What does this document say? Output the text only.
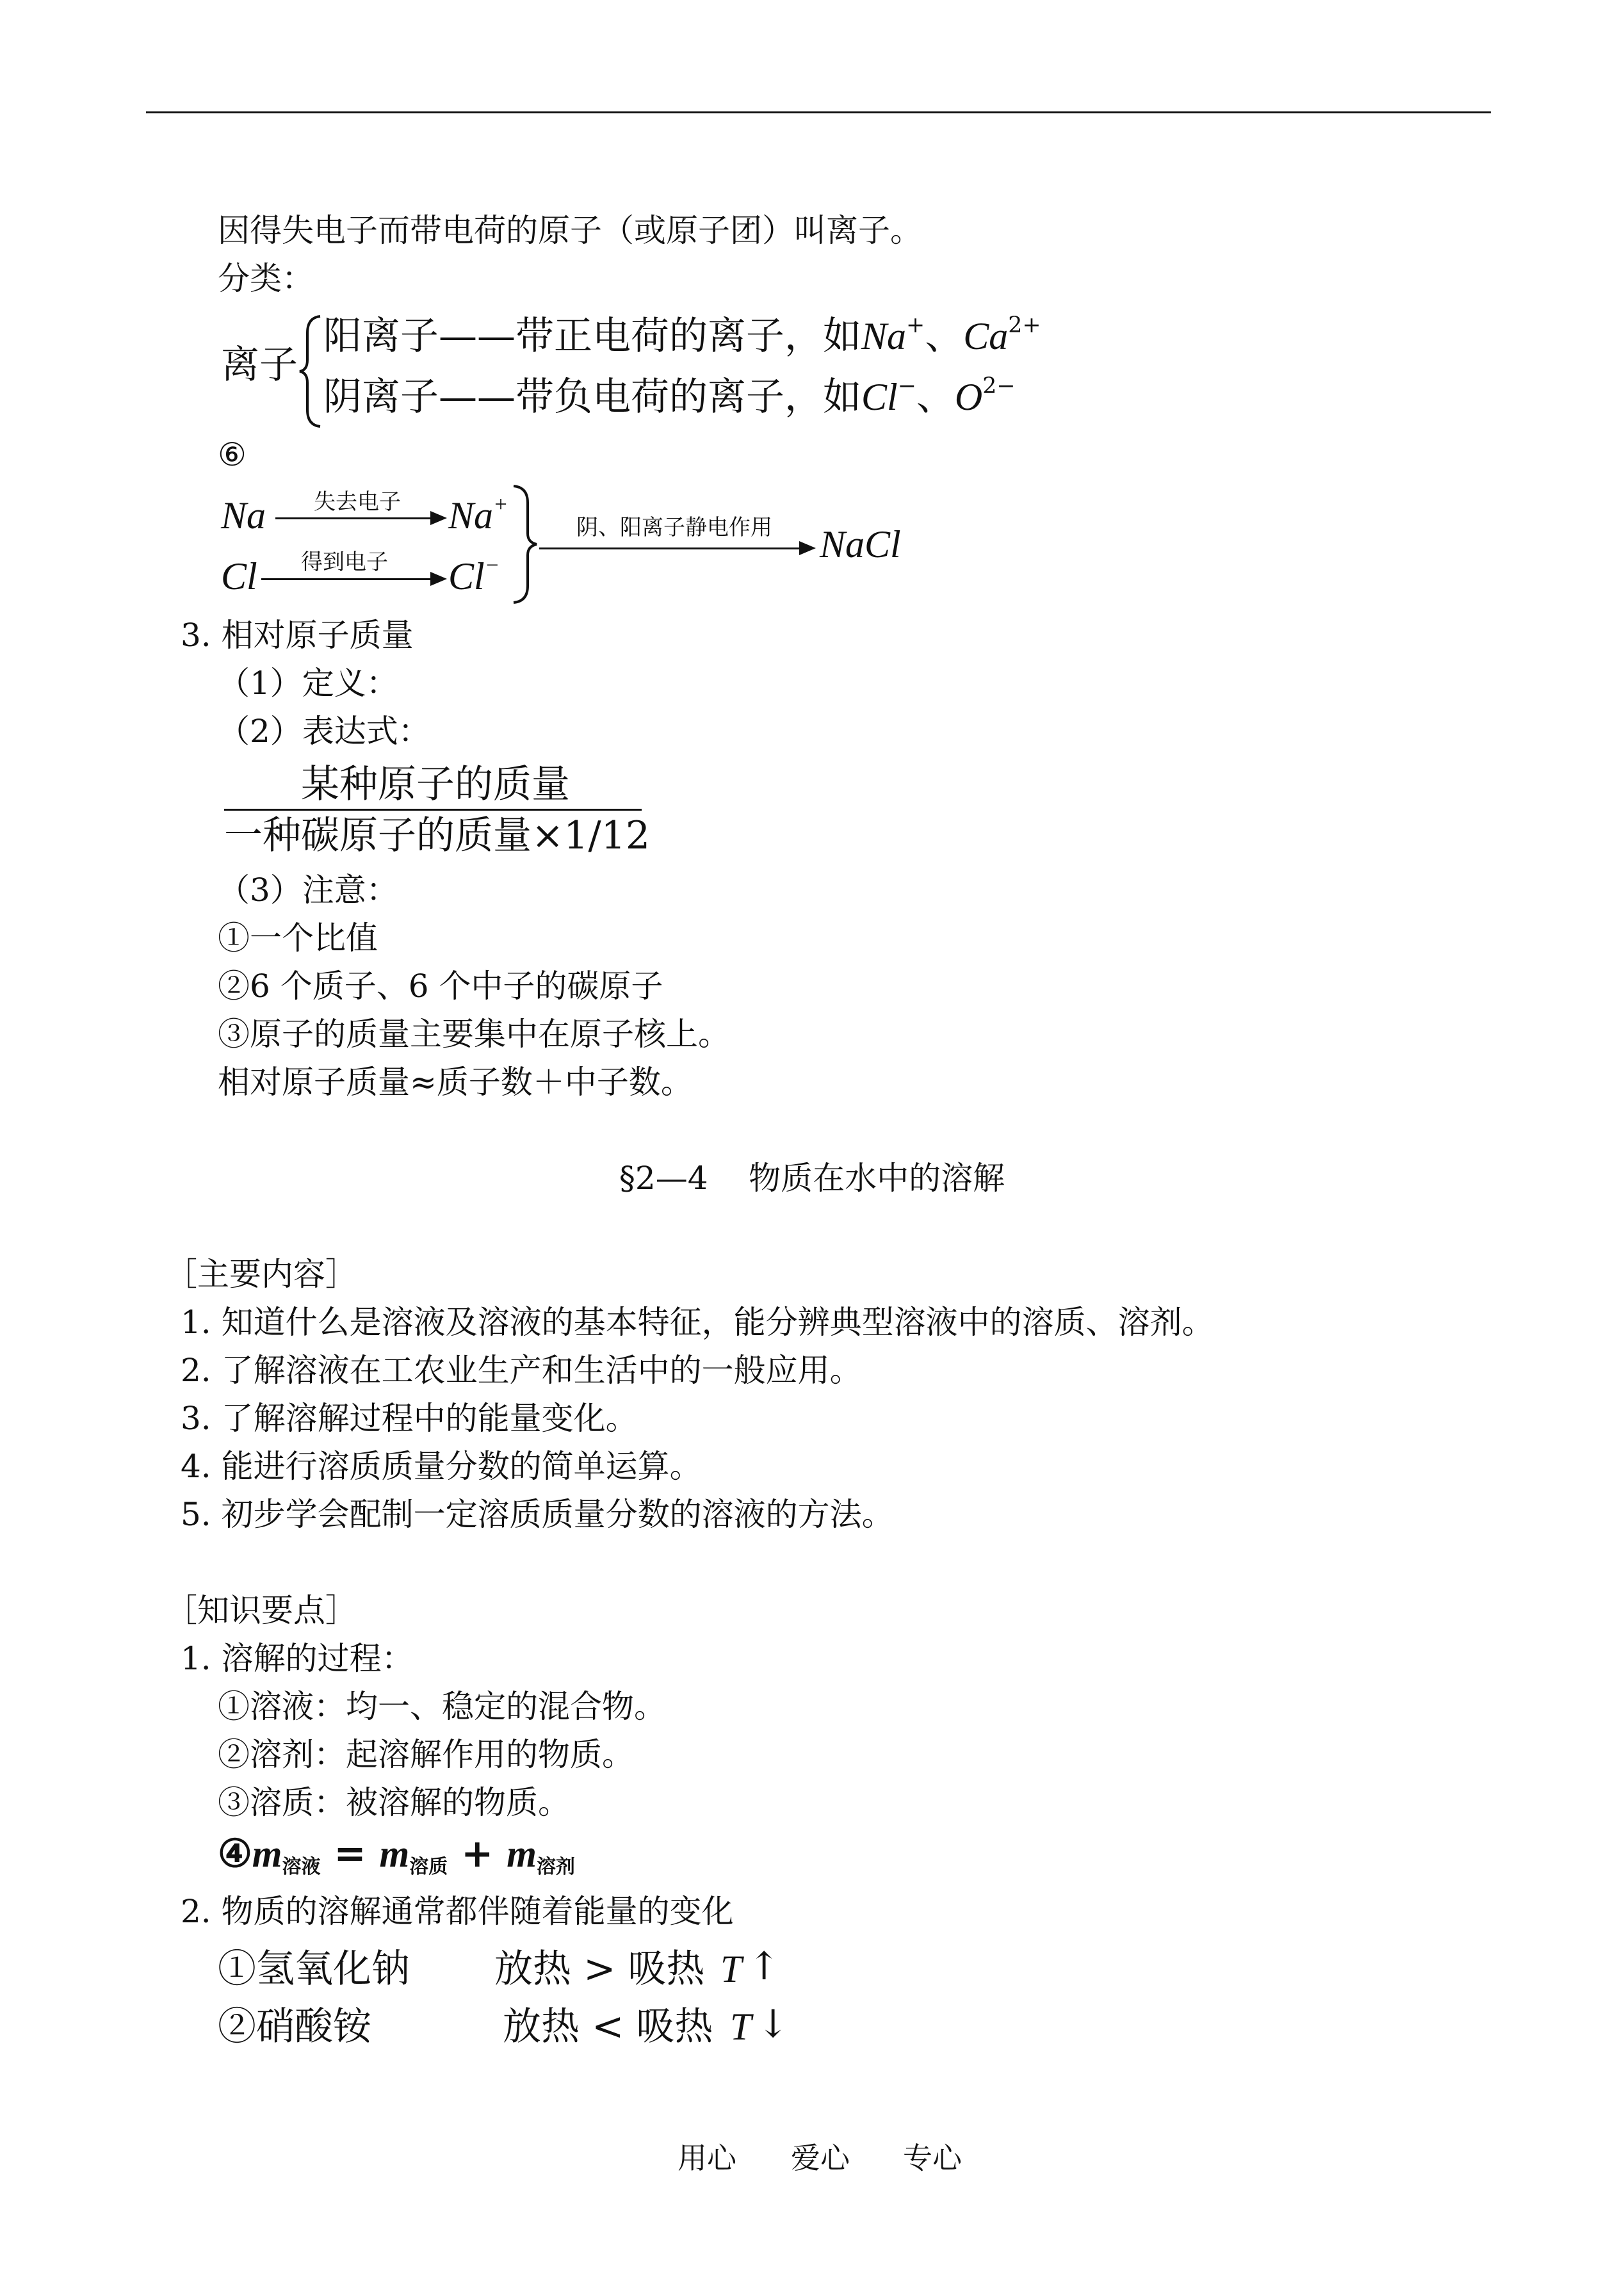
因得失电子而带电荷的原子（或原子团）叫离子。
分类：
离子
阳离子——带正电荷的离子，如Na+、$Ca^{2+}$
阴离子——带负电荷的离子，如Cl−、$O^{2-}$
⑥
Na 失去电子 Na+
Cl 得到电子 Cl−
阴、阳离子静电作用 NaCl
3. 相对原子质量
（1）定义：
（2）表达式：
某种原子的质量
一种碳原子的质量×1/12
（3）注意：
①一个比值
②6 个质子、6 个中子的碳原子
③原子的质量主要集中在原子核上。
相对原子质量≈质子数＋中子数。
§2—4    物质在水中的溶解
［主要内容］
1. 知道什么是溶液及溶液的基本特征，能分辨典型溶液中的溶质、溶剂。
2. 了解溶液在工农业生产和生活中的一般应用。
3. 了解溶解过程中的能量变化。
4. 能进行溶质质量分数的简单运算。
5. 初步学会配制一定溶质质量分数的溶液的方法。
［知识要点］
1. 溶解的过程：
①溶液：均一、稳定的混合物。
②溶剂：起溶解作用的物质。
③溶质：被溶解的物质。
④m溶液 = m溶质 + m溶剂
2. 物质的溶解通常都伴随着能量的变化
①氢氧化钠 放热 > 吸热 T ↑
②硝酸铵	放热 < 吸热 T ↓
用心 爱心 专心
